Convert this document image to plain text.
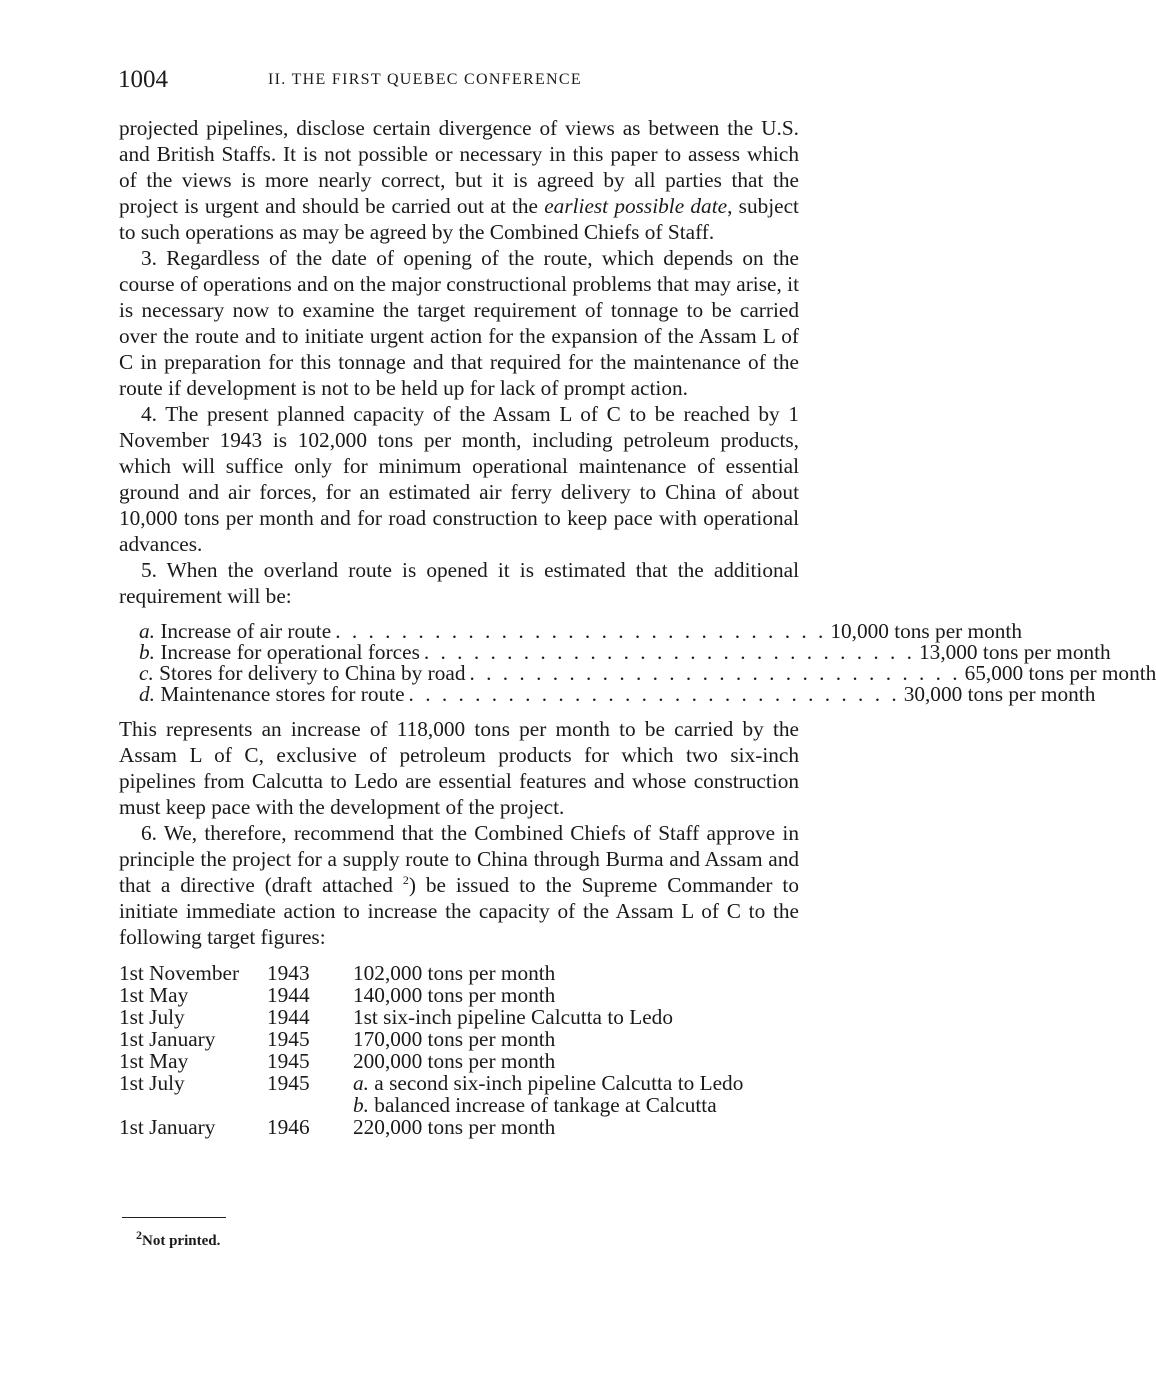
1004	II. THE FIRST QUEBEC CONFERENCE

projected pipelines, disclose certain divergence of views as between the U.S. and British Staffs. It is not possible or necessary in this paper to assess which of the views is more nearly correct, but it is agreed by all parties that the project is urgent and should be carried out at the earliest possible date, subject to such operations as may be agreed by the Combined Chiefs of Staff.

3. Regardless of the date of opening of the route, which depends on the course of operations and on the major constructional problems that may arise, it is necessary now to examine the target requirement of tonnage to be carried over the route and to initiate urgent action for the expansion of the Assam L of C in preparation for this tonnage and that required for the maintenance of the route if development is not to be held up for lack of prompt action.

4. The present planned capacity of the Assam L of C to be reached by 1 November 1943 is 102,000 tons per month, including petroleum products, which will suffice only for minimum operational maintenance of essential ground and air forces, for an estimated air ferry delivery to China of about 10,000 tons per month and for road construction to keep pace with operational advances.

5. When the overland route is opened it is estimated that the additional requirement will be:

a. Increase of air route . . . . . . . . . . . . . . . . . . . . . . . . . . . . . . 10,000 tons per month
b. Increase for operational forces . . . . . . . . . . . . . . . . . . . . . . . . . . . . . . 13,000 tons per month
c. Stores for delivery to China by road . . . . . . . . . . . . . . . . . . . . . . . . . . . . . . 65,000 tons per month
d. Maintenance stores for route . . . . . . . . . . . . . . . . . . . . . . . . . . . . . . 30,000 tons per month

This represents an increase of 118,000 tons per month to be carried by the Assam L of C, exclusive of petroleum products for which two six-inch pipelines from Calcutta to Ledo are essential features and whose construction must keep pace with the development of the project.

6. We, therefore, recommend that the Combined Chiefs of Staff approve in principle the project for a supply route to China through Burma and Assam and that a directive (draft attached $^2$) be issued to the Supreme Commander to initiate immediate action to increase the capacity of the Assam L of C to the following target figures:

1st November	1943	102,000 tons per month
1st May	1944	140,000 tons per month
1st July	1944	1st six-inch pipeline Calcutta to Ledo
1st January	1945	170,000 tons per month
1st May	1945	200,000 tons per month
1st July	1945	a. a second six-inch pipeline Calcutta to Ledo
b. balanced increase of tankage at Calcutta
1st January	1946	220,000 tons per month
$^2$Not printed.
